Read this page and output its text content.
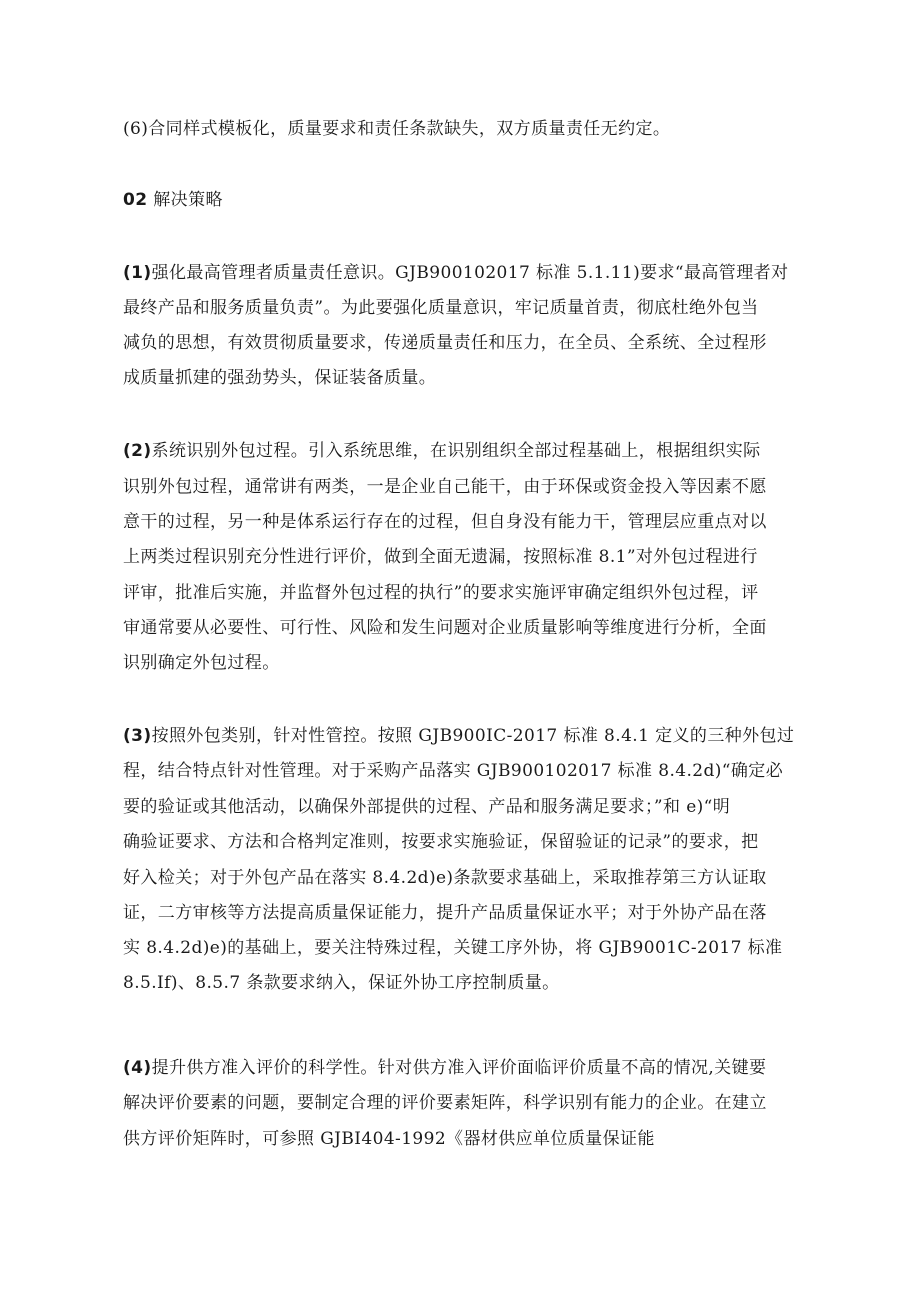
(6)合同样式模板化，质量要求和责任条款缺失，双方质量责任无约定。
02 解决策略
(1)强化最高管理者质量责任意识。GJB900102017 标准 5.1.11)要求“最高管理者对
最终产品和服务质量负责”。为此要强化质量意识，牢记质量首责，彻底杜绝外包当
减负的思想，有效贯彻质量要求，传递质量责任和压力，在全员、全系统、全过程形
成质量抓建的强劲势头，保证装备质量。
(2)系统识别外包过程。引入系统思维，在识别组织全部过程基础上，根据组织实际
识别外包过程，通常讲有两类，一是企业自己能干，由于环保或资金投入等因素不愿
意干的过程，另一种是体系运行存在的过程，但自身没有能力干，管理层应重点对以
上两类过程识别充分性进行评价，做到全面无遗漏，按照标准 8.1”对外包过程进行
评审，批准后实施，并监督外包过程的执行”的要求实施评审确定组织外包过程，评
审通常要从必要性、可行性、风险和发生问题对企业质量影响等维度进行分析，全面
识别确定外包过程。
(3)按照外包类别，针对性管控。按照 GJB900IC-2017 标准 8.4.1 定义的三种外包过
程，结合特点针对性管理。对于采购产品落实 GJB900102017 标准 8.4.2d)“确定必
要的验证或其他活动，以确保外部提供的过程、产品和服务满足要求；”和 e)“明
确验证要求、方法和合格判定准则，按要求实施验证，保留验证的记录”的要求，把
好入检关；对于外包产品在落实 8.4.2d)e)条款要求基础上，采取推荐第三方认证取
证，二方审核等方法提高质量保证能力，提升产品质量保证水平；对于外协产品在落
实 8.4.2d)e)的基础上，要关注特殊过程，关键工序外协，将 GJB9001C-2017 标准
8.5.If)、8.5.7 条款要求纳入，保证外协工序控制质量。
(4)提升供方准入评价的科学性。针对供方准入评价面临评价质量不高的情况,关键要
解决评价要素的问题，要制定合理的评价要素矩阵，科学识别有能力的企业。在建立
供方评价矩阵时，可参照 GJBI404-1992《器材供应单位质量保证能
